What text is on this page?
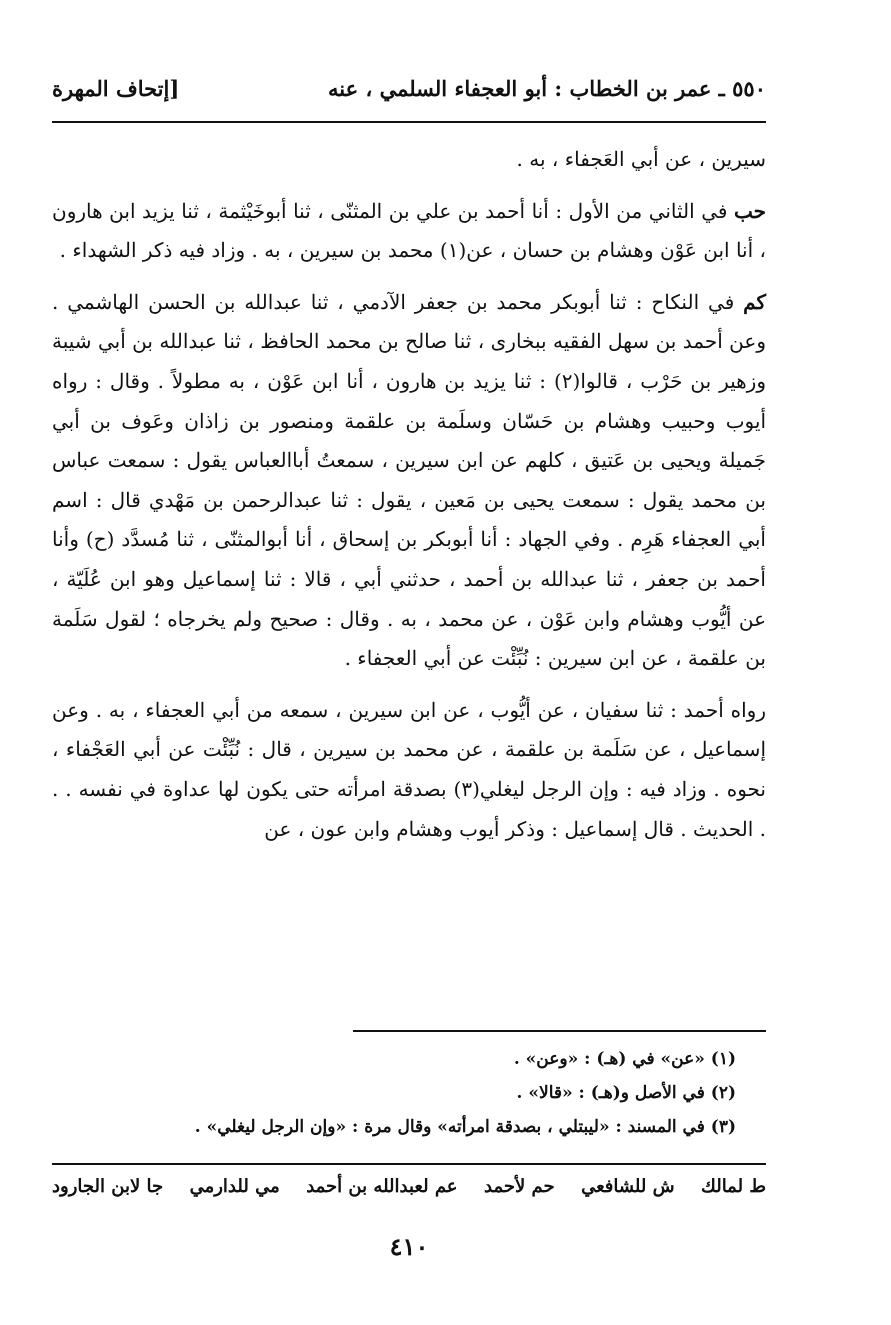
٥٥٠ ـ عمر بن الخطاب : أبو العجفاء السلمي ، عنه
[إتحاف المهرة

سيرين ، عن أبي العَجفاء ، به .

حب في الثاني من الأول : أنا أحمد بن علي بن المثنّى ، ثنا أبوخَيْثمة ، ثنا يزيد ابن هارون ، أنا ابن عَوْن وهشام بن حسان ، عن(١) محمد بن سيرين ، به . وزاد فيه ذكر الشهداء .

كم في النكاح : ثنا أبوبكر محمد بن جعفر الآدمي ، ثنا عبدالله بن الحسن الهاشمي . وعن أحمد بن سهل الفقيه ببخارى ، ثنا صالح بن محمد الحافظ ، ثنا عبدالله بن أبي شيبة وزهير بن حَرْب ، قالوا(٢) : ثنا يزيد بن هارون ، أنا ابن عَوْن ، به مطولاً . وقال : رواه أيوب وحبيب وهشام بن حَسّان وسلَمة بن علقمة ومنصور بن زاذان وعَوف بن أبي جَميلة ويحيى بن عَتيق ، كلهم عن ابن سيرين ، سمعتُ أباالعباس يقول : سمعت عباس بن محمد يقول : سمعت يحيى بن مَعين ، يقول : ثنا عبدالرحمن بن مَهْدي قال : اسم أبي العجفاء هَرِم . وفي الجهاد : أنا أبوبكر بن إسحاق ، أنا أبوالمثنّى ، ثنا مُسدَّد (ح) وأنا أحمد بن جعفر ، ثنا عبدالله بن أحمد ، حدثني أبي ، قالا : ثنا إسماعيل وهو ابن عُلَيّة ، عن أيُّوب وهشام وابن عَوْن ، عن محمد ، به . وقال : صحيح ولم يخرجاه ؛ لقول سَلَمة بن علقمة ، عن ابن سيرين : نُبِّئْت عن أبي العجفاء .

رواه أحمد : ثنا سفيان ، عن أيُّوب ، عن ابن سيرين ، سمعه من أبي العجفاء ، به . وعن إسماعيل ، عن سَلَمة بن علقمة ، عن محمد بن سيرين ، قال : نُبِّئْت عن أبي العَجْفاء ، نحوه . وزاد فيه : وإن الرجل ليغلي(٣) بصدقة امرأته حتى يكون لها عداوة في نفسه . . . الحديث . قال إسماعيل : وذكر أيوب وهشام وابن عون ، عن

(١) «عن» في (هـ) : «وعن» .
(٢) في الأصل و(هـ) : «قالا» .
(٣) في المسند : «ليبتلي ، بصدقة امرأته» وقال مرة : «وإن الرجل ليغلي» .
ط لمالك
ش للشافعي
حم لأحمد
عم لعبدالله بن أحمد
مي للدارمي
جا لابن الجارود
٤١٠
